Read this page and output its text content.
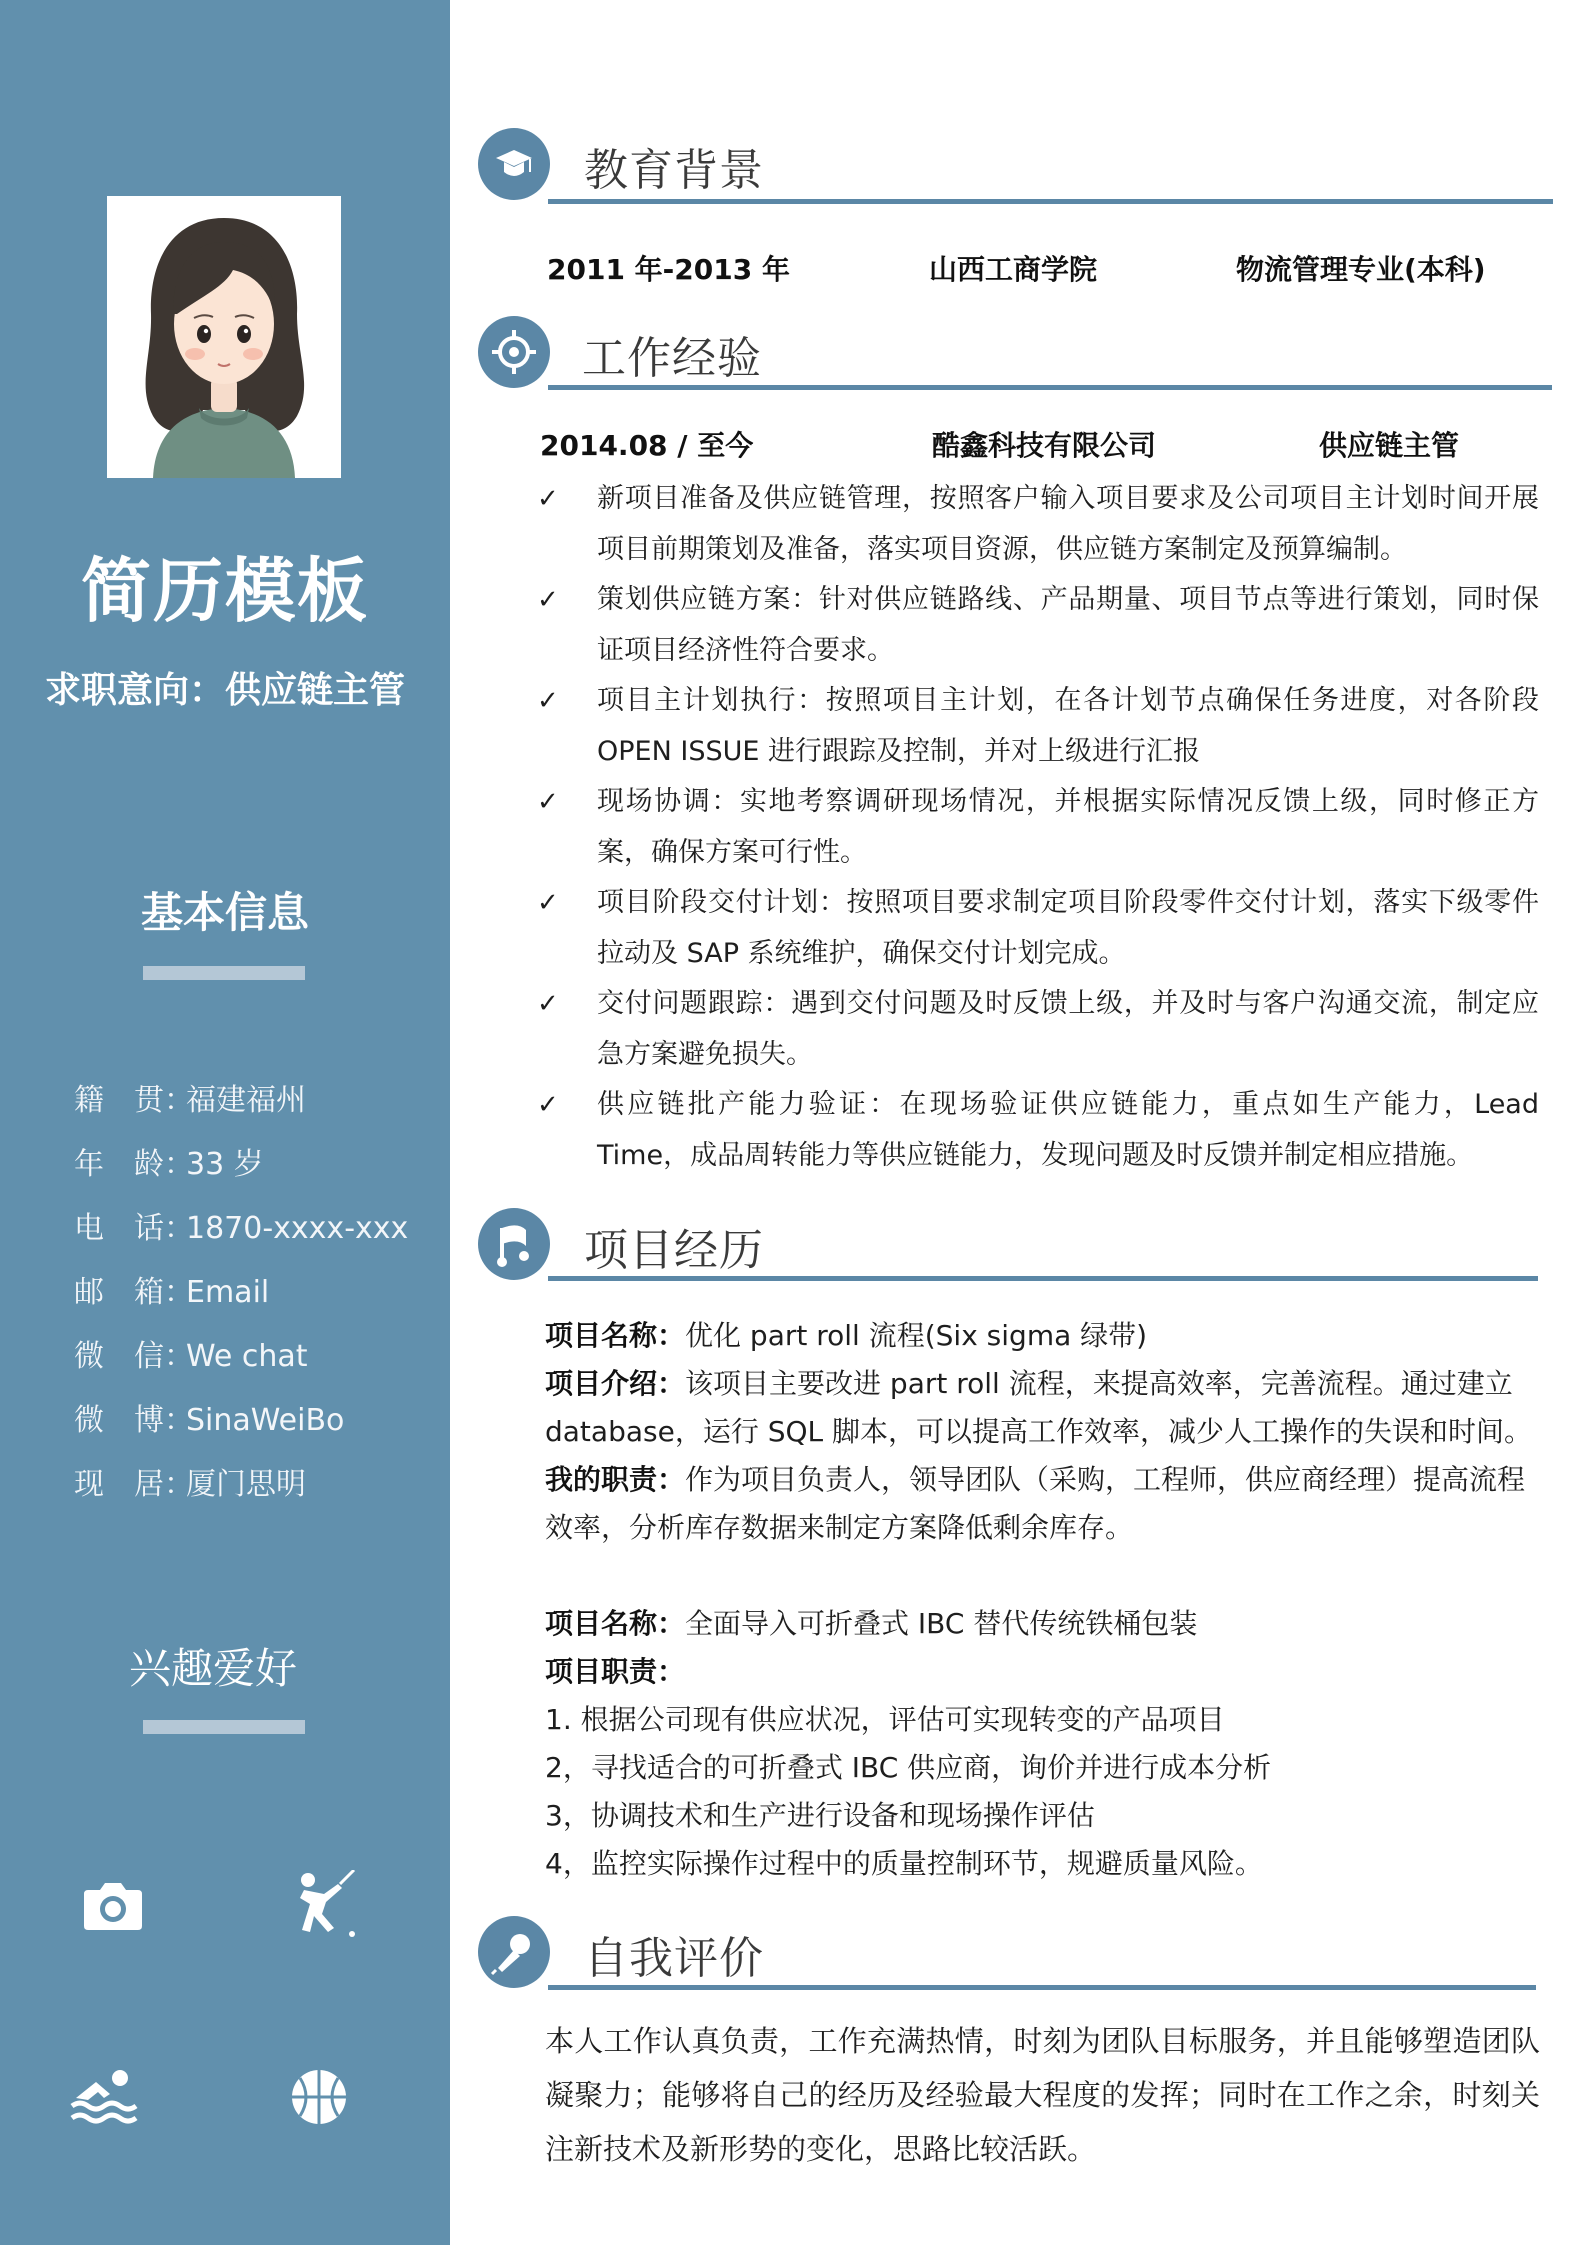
简历模板
求职意向：供应链主管
基本信息
籍　贯：福建福州
年　龄：33 岁
电　话：1870-xxxx-xxx
邮　箱：Email
微　信：We chat
微　博：SinaWeiBo
现　居：厦门思明
兴趣爱好
教育背景
2011 年-2013 年	山西工商学院	物流管理专业(本科)
工作经验
2014.08 / 至今	酷鑫科技有限公司	供应链主管
✓ 新项目准备及供应链管理，按照客户输入项目要求及公司项目主计划时间开展项目前期策划及准备，落实项目资源，供应链方案制定及预算编制。
✓ 策划供应链方案：针对供应链路线、产品期量、项目节点等进行策划，同时保证项目经济性符合要求。
✓ 项目主计划执行：按照项目主计划，在各计划节点确保任务进度，对各阶段 OPEN ISSUE 进行跟踪及控制，并对上级进行汇报
✓ 现场协调：实地考察调研现场情况，并根据实际情况反馈上级，同时修正方案，确保方案可行性。
✓ 项目阶段交付计划：按照项目要求制定项目阶段零件交付计划，落实下级零件拉动及 SAP 系统维护，确保交付计划完成。
✓ 交付问题跟踪：遇到交付问题及时反馈上级，并及时与客户沟通交流，制定应急方案避免损失。
✓ 供应链批产能力验证：在现场验证供应链能力，重点如生产能力，Lead Time，成品周转能力等供应链能力，发现问题及时反馈并制定相应措施。
项目经历

项目名称：优化 part roll 流程(Six sigma 绿带)

项目介绍：该项目主要改进 part roll 流程，来提高效率，完善流程。通过建立 database，运行 SQL 脚本，可以提高工作效率，减少人工操作的失误和时间。

我的职责：作为项目负责人，领导团队（采购，工程师，供应商经理）提高流程效率，分析库存数据来制定方案降低剩余库存。

项目名称：全面导入可折叠式 IBC 替代传统铁桶包装

项目职责：

1. 根据公司现有供应状况，评估可实现转变的产品项目

2，寻找适合的可折叠式 IBC 供应商，询价并进行成本分析

3，协调技术和生产进行设备和现场操作评估

4，监控实际操作过程中的质量控制环节，规避质量风险。

自我评价
本人工作认真负责，工作充满热情，时刻为团队目标服务，并且能够塑造团队凝聚力；能够将自己的经历及经验最大程度的发挥；同时在工作之余，时刻关注新技术及新形势的变化，思路比较活跃。
